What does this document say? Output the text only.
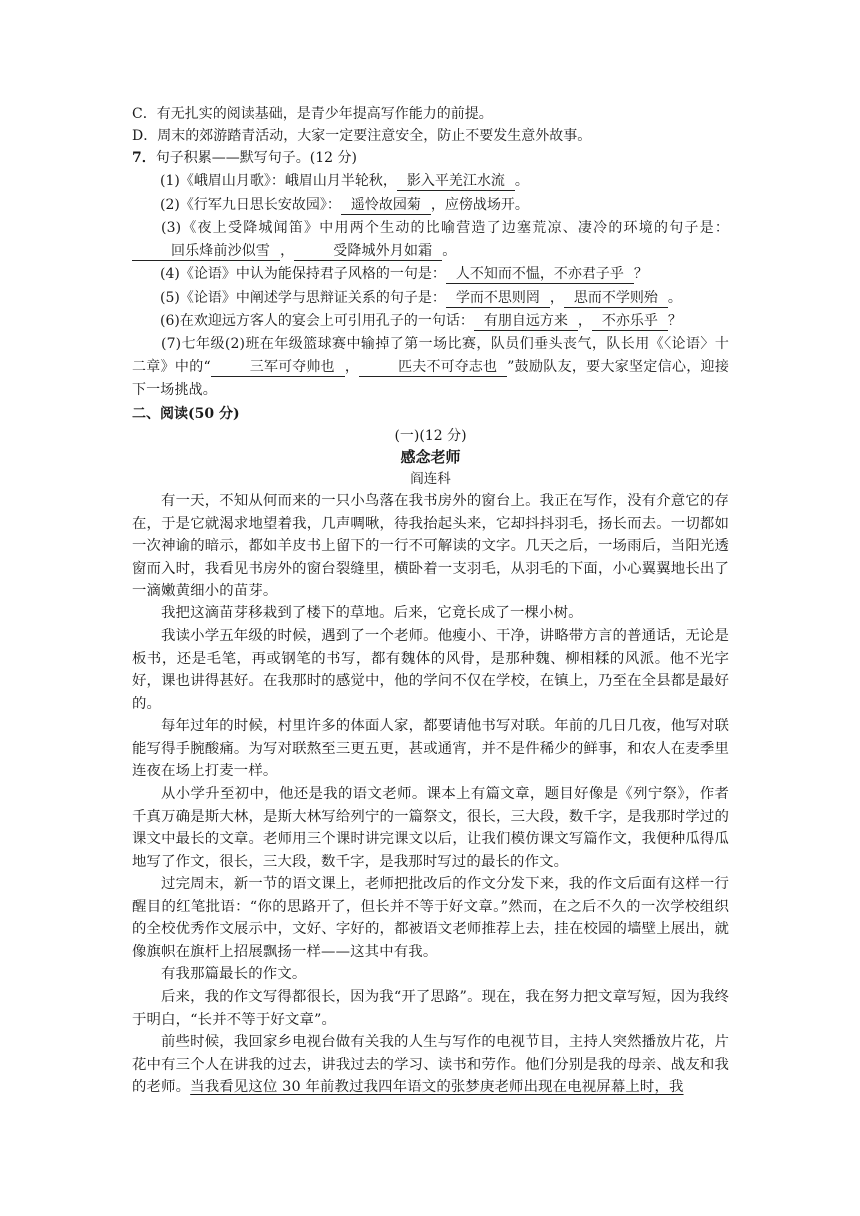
C．有无扎实的阅读基础，是青少年提高写作能力的前提。
D．周末的郊游踏青活动，大家一定要注意安全，防止不要发生意外故事。
7．句子积累——默写句子。(12 分)
(1)《峨眉山月歌》：峨眉山月半轮秋， 影入平羌江水流 。
(2)《行军九日思长安故园》： 遥怜故园菊 ，应傍战场开。
(3)《夜上受降城闻笛》中用两个生动的比喻营造了边塞荒凉、凄冷的环境的句子是：回乐烽前沙似雪 ，	受降城外月如霜 。
(4)《论语》中认为能保持君子风格的一句是： 人不知而不愠，不亦君子乎 ？
(5)《论语》中阐述学与思辩证关系的句子是： 学而不思则罔 ， 思而不学则殆 。
(6)在欢迎远方客人的宴会上可引用孔子的一句话： 有朋自远方来 ， 不亦乐乎 ？
(7)七年级(2)班在年级篮球赛中输掉了第一场比赛，队员们垂头丧气，队长用《〈论语〉十二章》中的“	三军可夺帅也 ，	匹夫不可夺志也 ”鼓励队友，要大家坚定信心，迎接下一场挑战。
二、阅读(50 分)
(一)(12 分)
感念老师
阎连科
有一天，不知从何而来的一只小鸟落在我书房外的窗台上。我正在写作，没有介意它的存在，于是它就渴求地望着我，几声啁啾，待我抬起头来，它却抖抖羽毛，扬长而去。一切都如一次神谕的暗示，都如羊皮书上留下的一行不可解读的文字。几天之后，一场雨后，当阳光透窗而入时，我看见书房外的窗台裂缝里，横卧着一支羽毛，从羽毛的下面，小心翼翼地长出了一滴嫩黄细小的苗芽。
我把这滴苗芽移栽到了楼下的草地。后来，它竟长成了一棵小树。
我读小学五年级的时候，遇到了一个老师。他瘦小、干净，讲略带方言的普通话，无论是板书，还是毛笔，再或钢笔的书写，都有魏体的风骨，是那种魏、柳相糅的风派。他不光字好，课也讲得甚好。在我那时的感觉中，他的学问不仅在学校，在镇上，乃至在全县都是最好的。
每年过年的时候，村里许多的体面人家，都要请他书写对联。年前的几日几夜，他写对联能写得手腕酸痛。为写对联熬至三更五更，甚或通宵，并不是件稀少的鲜事，和农人在麦季里连夜在场上打麦一样。
从小学升至初中，他还是我的语文老师。课本上有篇文章，题目好像是《列宁祭》，作者千真万确是斯大林，是斯大林写给列宁的一篇祭文，很长，三大段，数千字，是我那时学过的课文中最长的文章。老师用三个课时讲完课文以后，让我们模仿课文写篇作文，我便种瓜得瓜地写了作文，很长，三大段，数千字，是我那时写过的最长的作文。
过完周末，新一节的语文课上，老师把批改后的作文分发下来，我的作文后面有这样一行醒目的红笔批语：“你的思路开了，但长并不等于好文章。”然而，在之后不久的一次学校组织的全校优秀作文展示中，文好、字好的，都被语文老师推荐上去，挂在校园的墙壁上展出，就像旗帜在旗杆上招展飘扬一样——这其中有我。
有我那篇最长的作文。
后来，我的作文写得都很长，因为我“开了思路”。现在，我在努力把文章写短，因为我终于明白，“长并不等于好文章”。
前些时候，我回家乡电视台做有关我的人生与写作的电视节目，主持人突然播放片花，片花中有三个人在讲我的过去，讲我过去的学习、读书和劳作。他们分别是我的母亲、战友和我的老师。当我看见这位 30 年前教过我四年语文的张梦庚老师出现在电视屏幕上时，我
